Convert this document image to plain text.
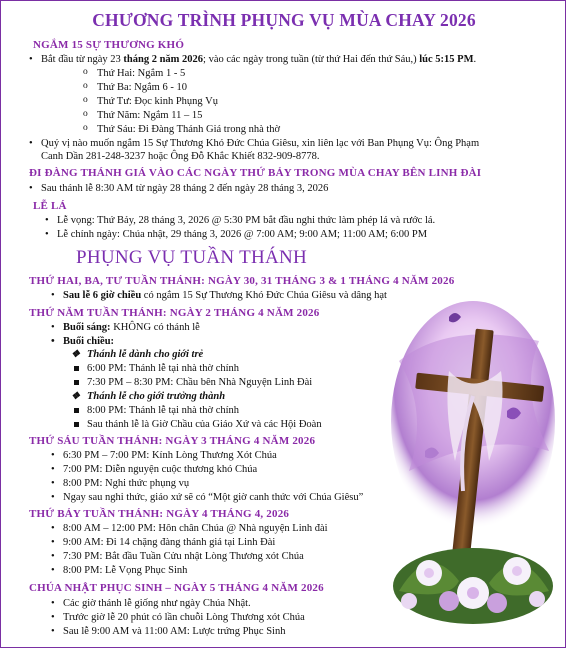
CHƯƠNG TRÌNH PHỤNG VỤ MÙA CHAY 2026
NGẮM 15 SỰ THƯƠNG KHÓ
• Bắt đầu từ ngày 23 tháng 2 năm 2026; vào các ngày trong tuần (từ thứ Hai đến thứ Sáu,) lúc 5:15 PM.
o Thứ Hai: Ngắm 1 - 5
o Thứ Ba: Ngắm 6 - 10
o Thứ Tư: Đọc kinh Phụng Vụ
o Thứ Năm: Ngắm 11 – 15
o Thứ Sáu: Đi Đàng Thánh Giá trong nhà thờ
• Quý vị nào muốn ngắm 15 Sự Thương Khó Đức Chúa Giêsu, xin liên lạc với Ban Phụng Vụ: Ông Phạm
Canh Dần 281-248-3237 hoặc Ông Đỗ Khắc Khiết 832-909-8778.
ĐI ĐÀNG THÁNH GIÁ VÀO CÁC NGÀY THỨ BẢY TRONG MÙA CHAY BÊN LINH ĐÀI
• Sau thánh lễ 8:30 AM từ ngày 28 tháng 2 đến ngày 28 tháng 3, 2026
LỄ LÁ
• Lễ vọng: Thứ Bảy, 28 tháng 3, 2026 @ 5:30 PM bắt đầu nghi thức làm phép lá và rước lá.
• Lễ chính ngày: Chúa nhật, 29 tháng 3, 2026 @ 7:00 AM; 9:00 AM; 11:00 AM; 6:00 PM
PHỤNG VỤ TUẦN THÁNH
THỨ HAI, BA, TƯ TUẦN THÁNH: NGÀY 30, 31 THÁNG 3 & 1 THÁNG 4 NĂM 2026
• Sau lễ 6 giờ chiều có ngắm 15 Sự Thương Khó Đức Chúa Giêsu và dâng hạt
THỨ NĂM TUẦN THÁNH: NGÀY 2 THÁNG 4 NĂM 2026
• Buổi sáng: KHÔNG có thánh lễ
• Buổi chiều:
❖ Thánh lễ dành cho giới trẻ
6:00 PM: Thánh lễ tại nhà thờ chính
7:30 PM – 8:30 PM: Chầu bên Nhà Nguyện Linh Đài
❖ Thánh lễ cho giới trưởng thành
8:00 PM: Thánh lễ tại nhà thờ chính
Sau thánh lễ là Giờ Chầu của Giáo Xứ và các Hội Đoàn
THỨ SÁU TUẦN THÁNH: NGÀY 3 THÁNG 4 NĂM 2026
• 6:30 PM – 7:00 PM: Kính Lòng Thương Xót Chúa
• 7:00 PM: Diễn nguyện cuộc thương khó Chúa
• 8:00 PM: Nghi thức phụng vụ
• Ngay sau nghi thức, giáo xứ sẽ có “Một giờ canh thức với Chúa Giêsu”
THỨ BẢY TUẦN THÁNH: NGÀY 4 THÁNG 4, 2026
• 8:00 AM – 12:00 PM: Hôn chân Chúa @ Nhà nguyện Linh đài
• 9:00 AM: Đi 14 chặng đàng thánh giá tại Linh Đài
• 7:30 PM: Bắt đầu Tuần Cửu nhật Lòng Thương xót Chúa
• 8:00 PM: Lễ Vọng Phục Sinh
CHÚA NHẬT PHỤC SINH – NGÀY 5 THÁNG 4 NĂM 2026
• Các giờ thánh lễ giống như ngày Chúa Nhật.
• Trước giờ lễ 20 phút có lần chuỗi Lòng Thương xót Chúa
• Sau lễ 9:00 AM và 11:00 AM: Lược trứng Phục Sinh
